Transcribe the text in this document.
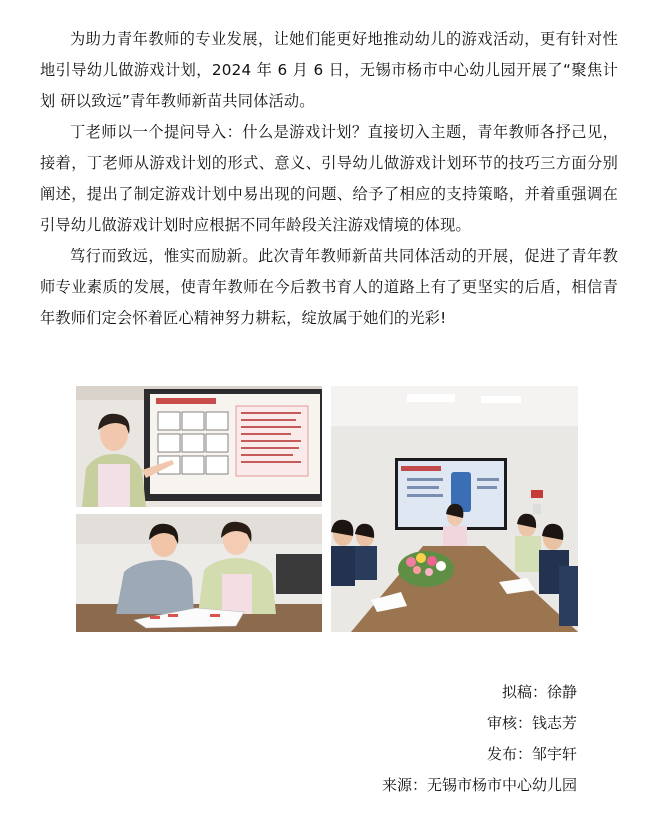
为助力青年教师的专业发展，让她们能更好地推动幼儿的游戏活动，更有针对性地引导幼儿做游戏计划，2024 年 6 月 6 日，无锡市杨市中心幼儿园开展了“聚焦计划 研以致远”青年教师新苗共同体活动。

丁老师以一个提问导入：什么是游戏计划？直接切入主题，青年教师各抒己见，接着，丁老师从游戏计划的形式、意义、引导幼儿做游戏计划环节的技巧三方面分别阐述，提出了制定游戏计划中易出现的问题、给予了相应的支持策略，并着重强调在引导幼儿做游戏计划时应根据不同年龄段关注游戏情境的体现。

笃行而致远，惟实而励新。此次青年教师新苗共同体活动的开展，促进了青年教师专业素质的发展，使青年教师在今后教书育人的道路上有了更坚实的后盾，相信青年教师们定会怀着匠心精神努力耕耘，绽放属于她们的光彩!

拟稿：徐静
审核：钱志芳
发布：邹宇轩
来源：无锡市杨市中心幼儿园
